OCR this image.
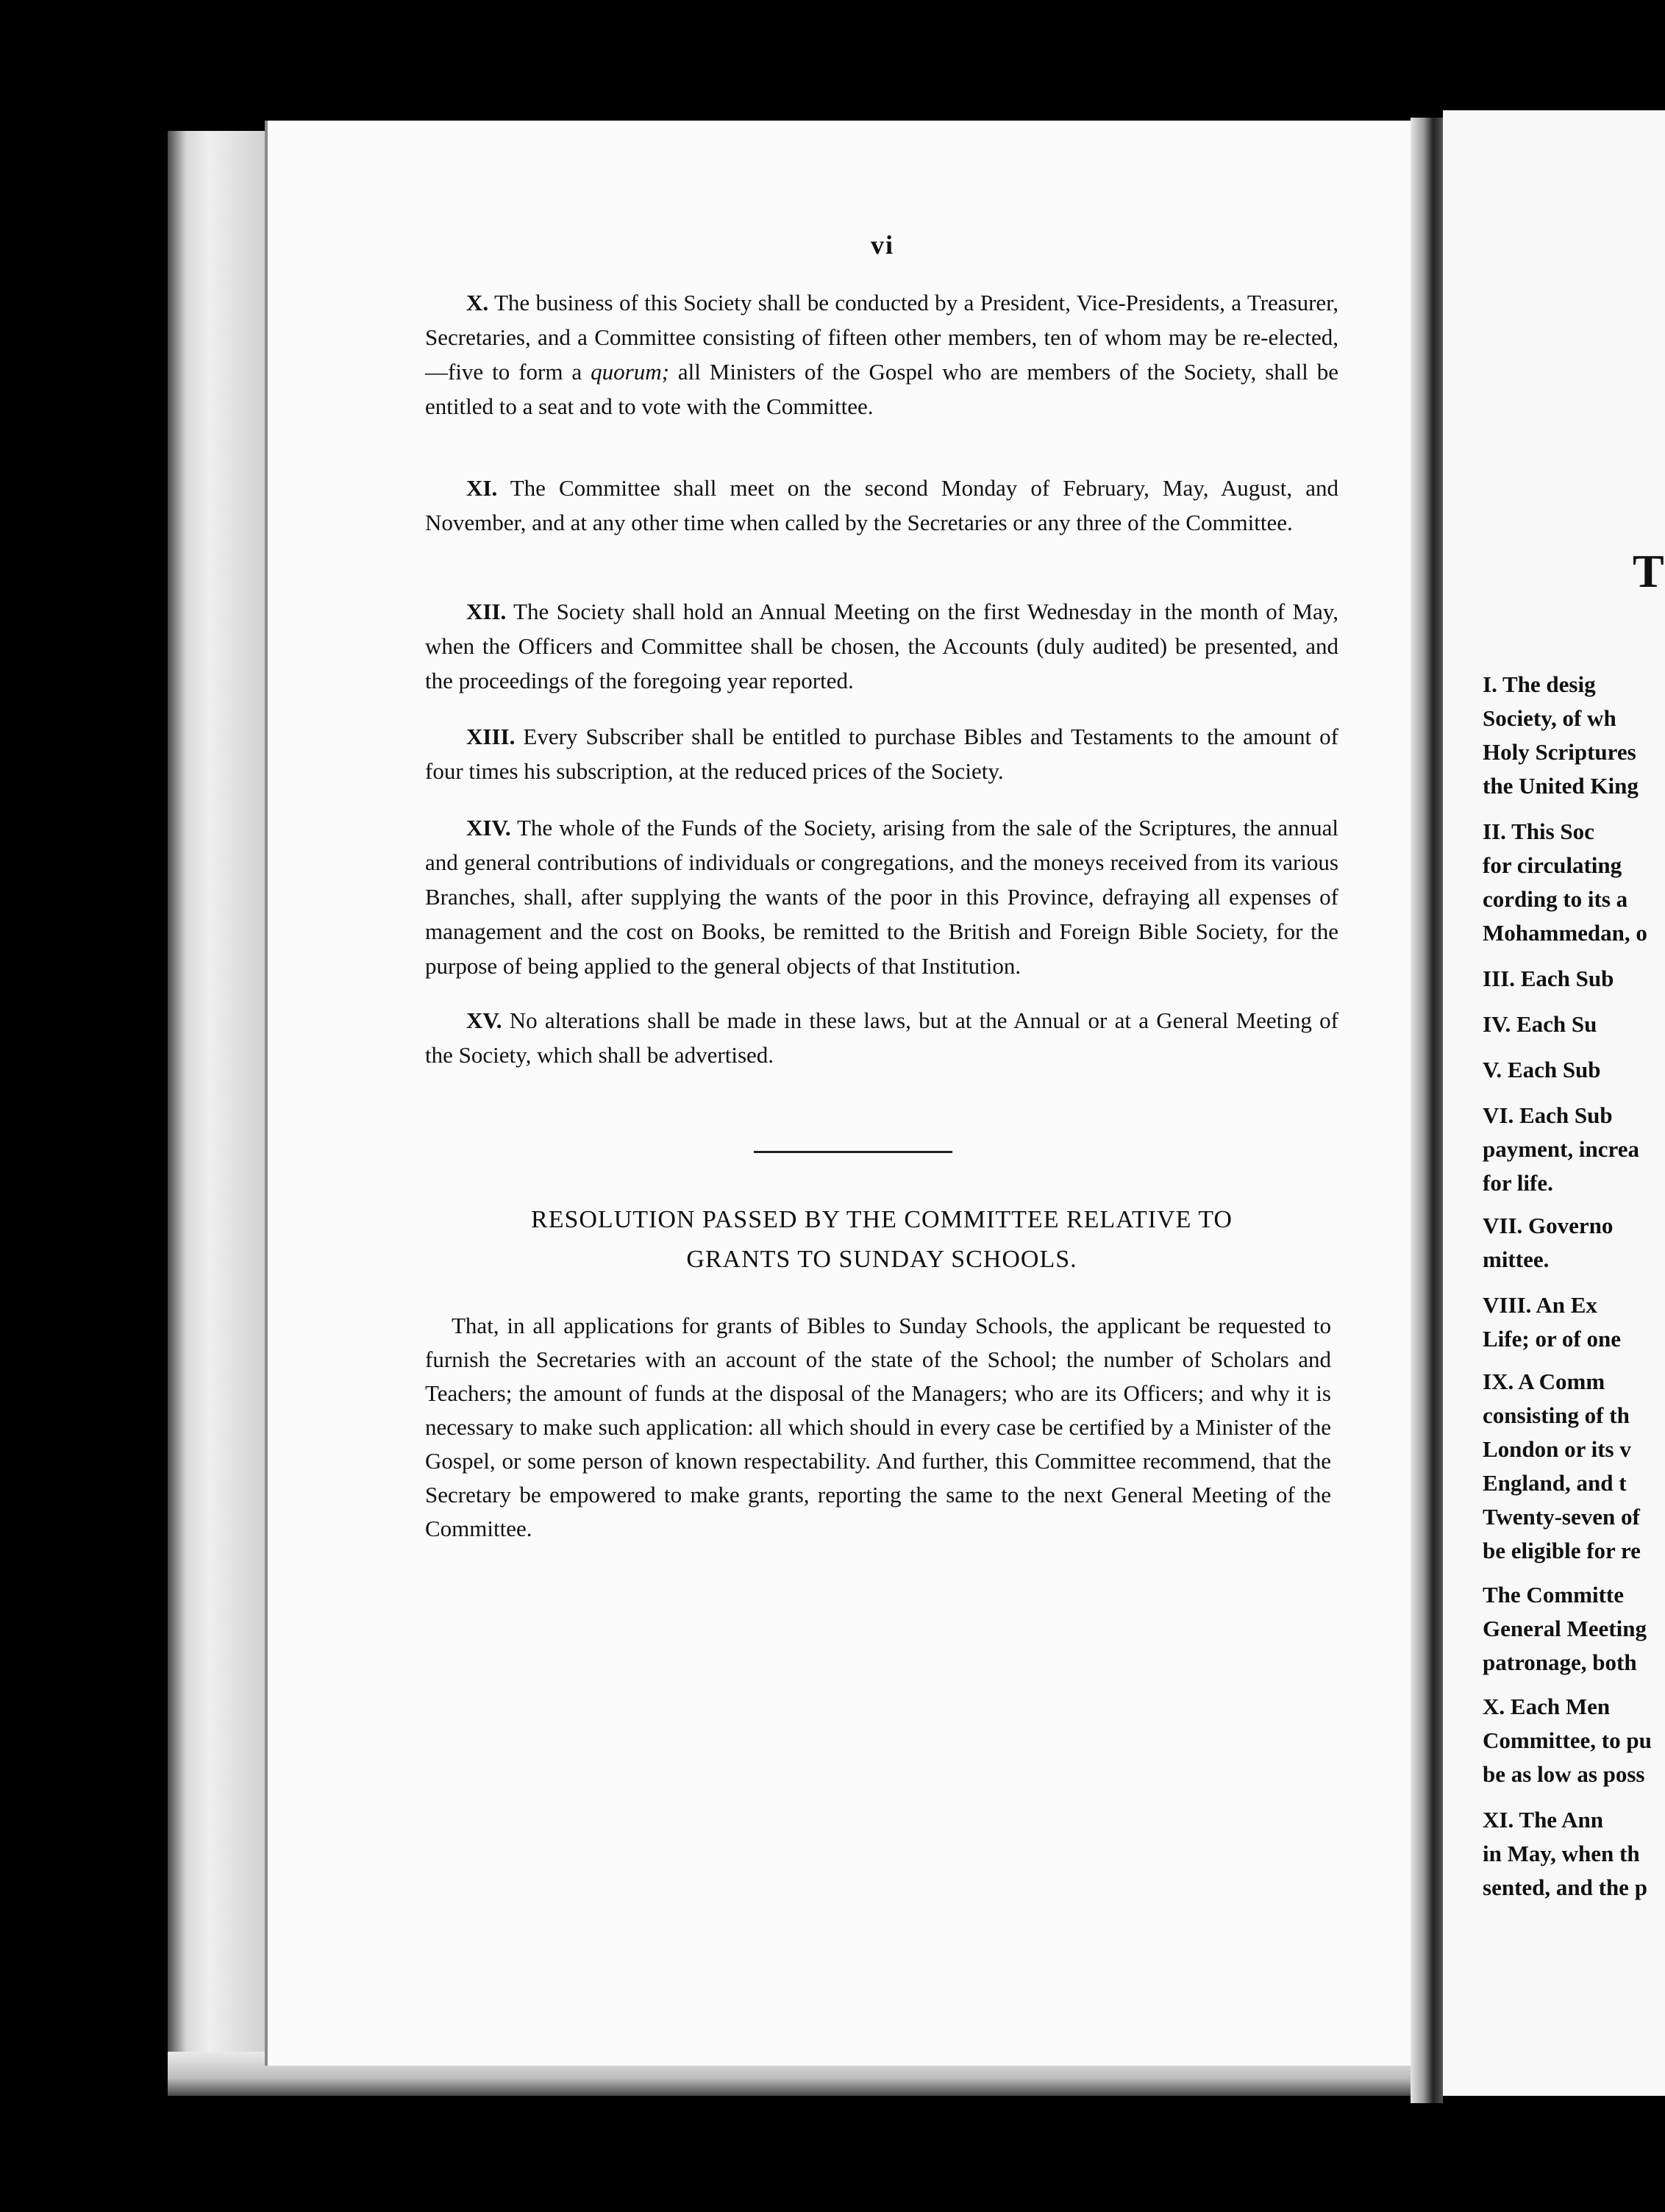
vi

X. The business of this Society shall be conducted by a President, Vice-Presidents, a Treasurer, Secretaries, and a Committee consisting of fifteen other members, ten of whom may be re-elected,—five to form a quorum; all Ministers of the Gospel who are members of the Society, shall be entitled to a seat and to vote with the Committee.

XI. The Committee shall meet on the second Monday of February, May, August, and November, and at any other time when called by the Secretaries or any three of the Committee.

XII. The Society shall hold an Annual Meeting on the first Wednesday in the month of May, when the Officers and Committee shall be chosen, the Accounts (duly audited) be presented, and the proceedings of the foregoing year reported.

XIII. Every Subscriber shall be entitled to purchase Bibles and Testaments to the amount of four times his subscription, at the reduced prices of the Society.

XIV. The whole of the Funds of the Society, arising from the sale of the Scriptures, the annual and general contributions of individuals or congregations, and the moneys received from its various Branches, shall, after supplying the wants of the poor in this Province, defraying all expenses of management and the cost on Books, be remitted to the British and Foreign Bible Society, for the purpose of being applied to the general objects of that Institution.

XV. No alterations shall be made in these laws, but at the Annual or at a General Meeting of the Society, which shall be advertised.

RESOLUTION PASSED BY THE COMMITTEE RELATIVE TO
GRANTS TO SUNDAY SCHOOLS.

That, in all applications for grants of Bibles to Sunday Schools, the applicant be requested to furnish the Secretaries with an account of the state of the School; the number of Scholars and Teachers; the amount of funds at the disposal of the Managers; who are its Officers; and why it is necessary to make such application: all which should in every case be certified by a Minister of the Gospel, or some person of known respectability. And further, this Committee recommend, that the Secretary be empowered to make grants, reporting the same to the next General Meeting of the Committee.

T

I. The desig

Society, of wh

Holy Scriptures

the United King

II. This Soc

for circulating

cording to its a

Mohammedan, o

III. Each Sub

IV. Each Su

V. Each Sub

VI. Each Sub

payment, increa

for life.

VII. Governo

mittee.

VIII. An Ex

Life; or of one

IX. A Comm

consisting of th

London or its v

England, and t

Twenty-seven of

be eligible for re

The Committe

General Meeting

patronage, both

X. Each Men

Committee, to pu

be as low as poss

XI. The Ann

in May, when th

sented, and the p
